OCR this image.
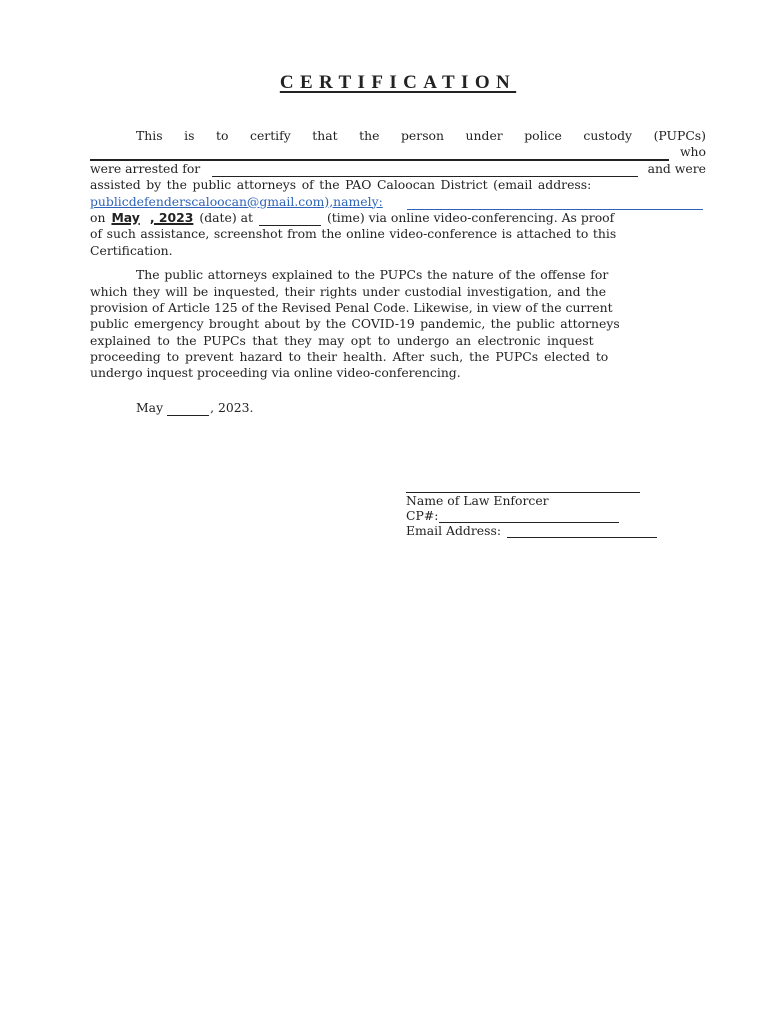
CERTIFICATION
This is to certify that the person under police custody (PUPCs)
who
were arrested for	and were
assisted by the public attorneys of the PAO Caloocan District (email address:
publicdefenderscaloocan@gmail.com),namely:
on May , 2023 (date) at	(time) via online video-conferencing. As proof
of such assistance, screenshot from the online video-conference is attached to this
Certification.
The public attorneys explained to the PUPCs the nature of the offense for
which they will be inquested, their rights under custodial investigation, and the
provision of Article 125 of the Revised Penal Code. Likewise, in view of the current
public emergency brought about by the COVID-19 pandemic, the public attorneys
explained to the PUPCs that they may opt to undergo an electronic inquest
proceeding to prevent hazard to their health. After such, the PUPCs elected to
undergo inquest proceeding via online video-conferencing.
May	, 2023.
Name of Law Enforcer
CP#:
Email Address:
